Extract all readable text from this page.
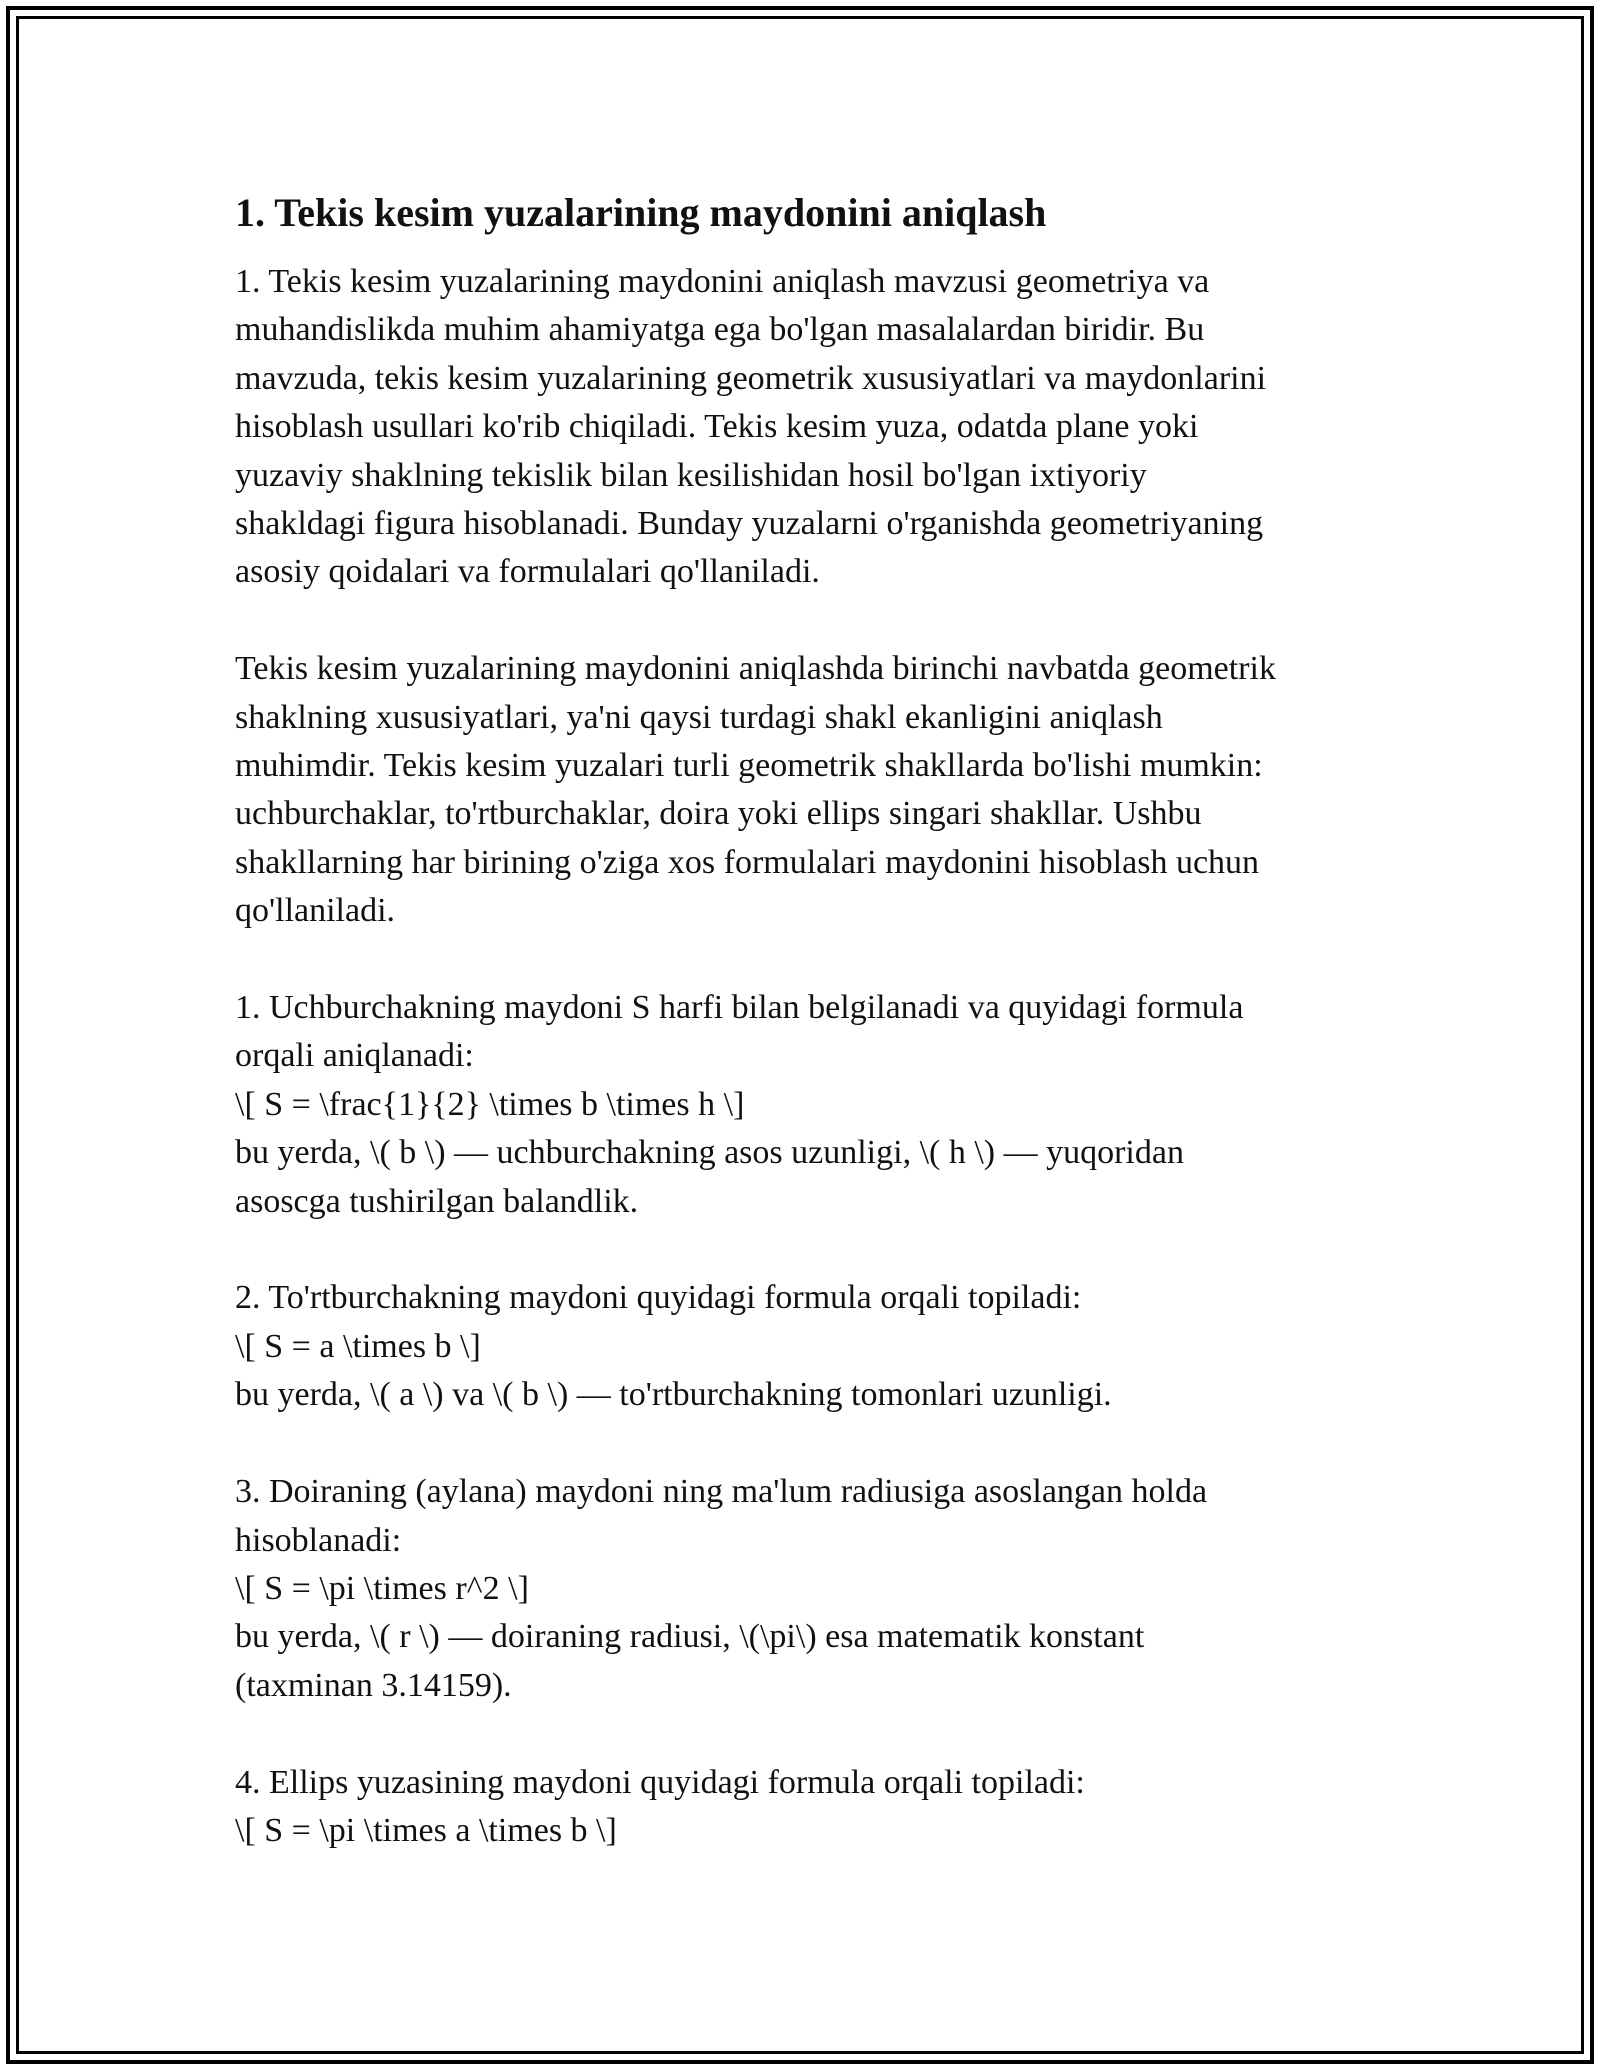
1. Tekis kesim yuzalarining maydonini aniqlash

1. Tekis kesim yuzalarining maydonini aniqlash mavzusi geometriya va
muhandislikda muhim ahamiyatga ega bo'lgan masalalardan biridir. Bu
mavzuda, tekis kesim yuzalarining geometrik xususiyatlari va maydonlarini
hisoblash usullari ko'rib chiqiladi. Tekis kesim yuza, odatda plane yoki
yuzaviy shaklning tekislik bilan kesilishidan hosil bo'lgan ixtiyoriy
shakldagi figura hisoblanadi. Bunday yuzalarni o'rganishda geometriyaning
asosiy qoidalari va formulalari qo'llaniladi.

Tekis kesim yuzalarining maydonini aniqlashda birinchi navbatda geometrik
shaklning xususiyatlari, ya'ni qaysi turdagi shakl ekanligini aniqlash
muhimdir. Tekis kesim yuzalari turli geometrik shakllarda bo'lishi mumkin:
uchburchaklar, to'rtburchaklar, doira yoki ellips singari shakllar. Ushbu
shakllarning har birining o'ziga xos formulalari maydonini hisoblash uchun
qo'llaniladi.

1. Uchburchakning maydoni S harfi bilan belgilanadi va quyidagi formula
orqali aniqlanadi:
\[ S = \frac{1}{2} \times b \times h \]
bu yerda, \( b \) — uchburchakning asos uzunligi, \( h \) — yuqoridan
asoscga tushirilgan balandlik.

2. To'rtburchakning maydoni quyidagi formula orqali topiladi:
\[ S = a \times b \]
bu yerda, \( a \) va \( b \) — to'rtburchakning tomonlari uzunligi.

3. Doiraning (aylana) maydoni ning ma'lum radiusiga asoslangan holda
hisoblanadi:
\[ S = \pi \times r^2 \]
bu yerda, \( r \) — doiraning radiusi, \(\pi\) esa matematik konstant
(taxminan 3.14159).

4. Ellips yuzasining maydoni quyidagi formula orqali topiladi:
\[ S = \pi \times a \times b \]
